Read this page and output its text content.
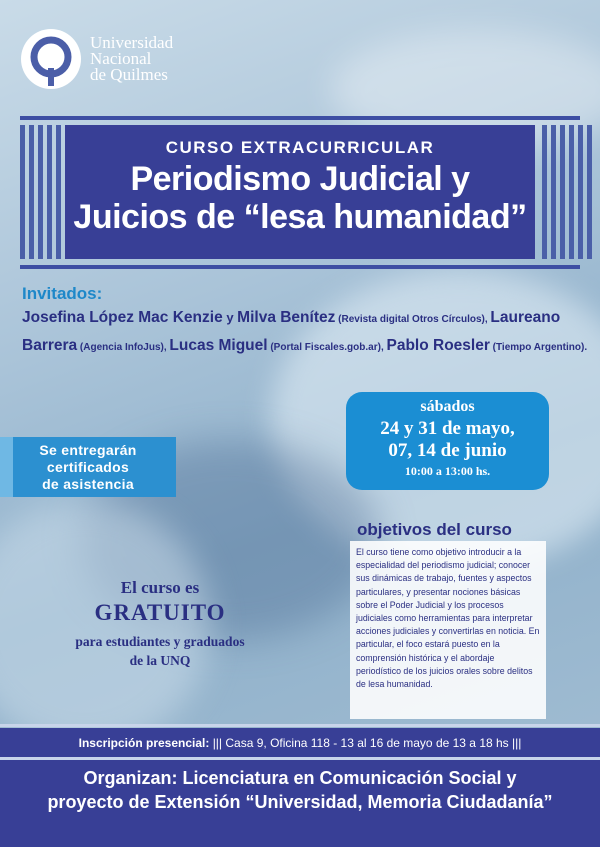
Universidad
Nacional
de Quilmes
CURSO EXTRACURRICULAR
Periodismo Judicial y
Juicios de “lesa humanidad”
Invitados:
Josefina López Mac Kenzie y Milva Benítez (Revista digital Otros Círculos), Laureano Barrera (Agencia InfoJus), Lucas Miguel (Portal Fiscales.gob.ar), Pablo Roesler (Tiempo Argentino).
sábados
24 y 31 de mayo,
07, 14 de junio
10:00 a 13:00 hs.
Se entregarán
certificados
de asistencia
objetivos del curso
El curso tiene como objetivo introducir a la especialidad del periodismo judicial; conocer sus dinámicas de trabajo, fuentes y aspectos particulares, y presentar nociones básicas sobre el Poder Judicial y los procesos judiciales como herramientas para interpretar acciones judiciales y convertirlas en noticia. En particular, el foco estará puesto en la comprensión histórica y el abordaje periodístico de los juicios orales sobre delitos de lesa humanidad.
El curso es
GRATUITO
para estudiantes y graduados
de la UNQ
Inscripción presencial: ||| Casa 9, Oficina 118 - 13 al 16 de mayo de 13 a 18 hs |||
Organizan: Licenciatura en Comunicación Social y
proyecto de Extensión “Universidad, Memoria Ciudadanía”
